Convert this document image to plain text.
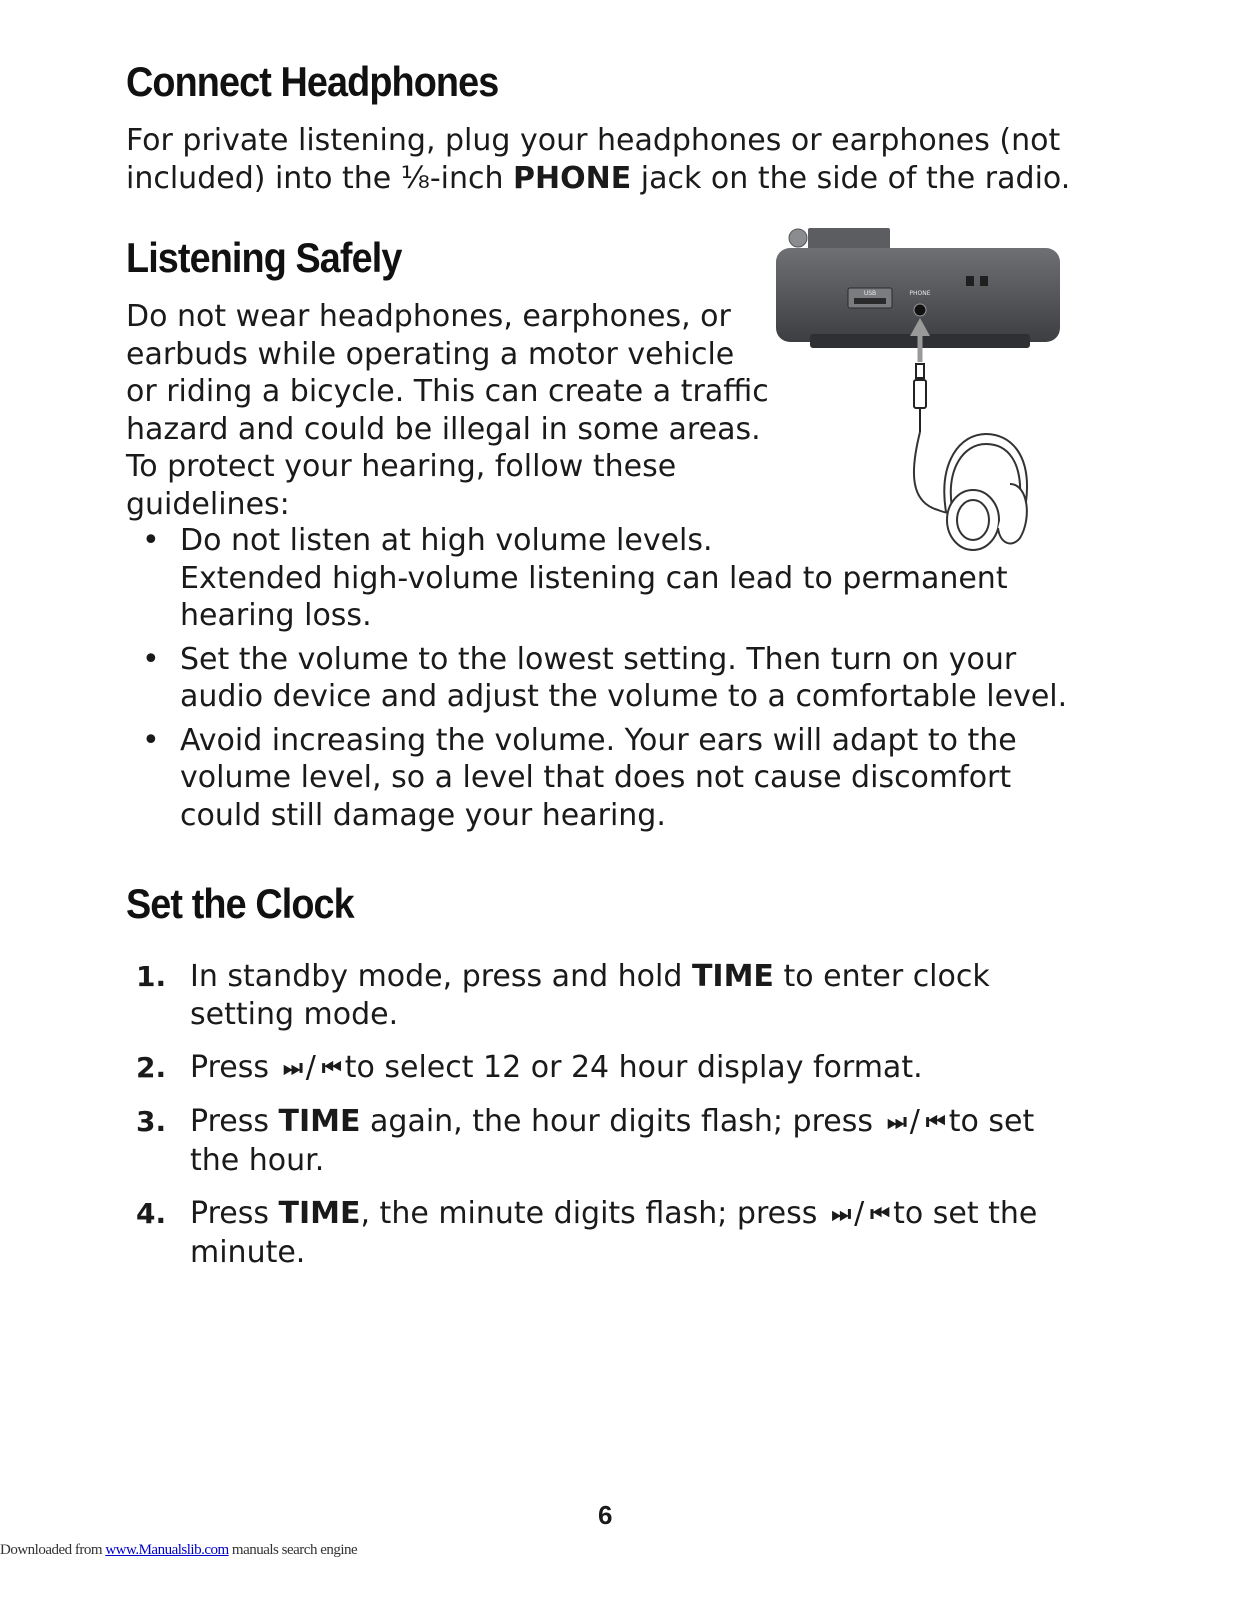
Connect Headphones

For private listening, plug your headphones or earphones (not
included) into the ⅛-inch PHONE jack on the side of the radio.

Listening Safely

Do not wear headphones, earphones, or
earbuds while operating a motor vehicle
or riding a bicycle. This can create a traffic
hazard and could be illegal in some areas.
To protect your hearing, follow these
guidelines:

• Do not listen at high volume levels.
Extended high-volume listening can lead to permanent
hearing loss.
• Set the volume to the lowest setting. Then turn on your
audio device and adjust the volume to a comfortable level.
• Avoid increasing the volume. Your ears will adapt to the
volume level, so a level that does not cause discomfort
could still damage your hearing.
USB	PHONE
Set the Clock
1. In standby mode, press and hold TIME to enter clock
setting mode.
2. Press ⏭ / ⏮ to select 12 or 24 hour display format.
3. Press TIME again, the hour digits flash; press ⏭ / ⏮ to set
the hour.
4. Press TIME, the minute digits flash; press ⏭ / ⏮ to set the
minute.
6
Downloaded from www.Manualslib.com manuals search engine
